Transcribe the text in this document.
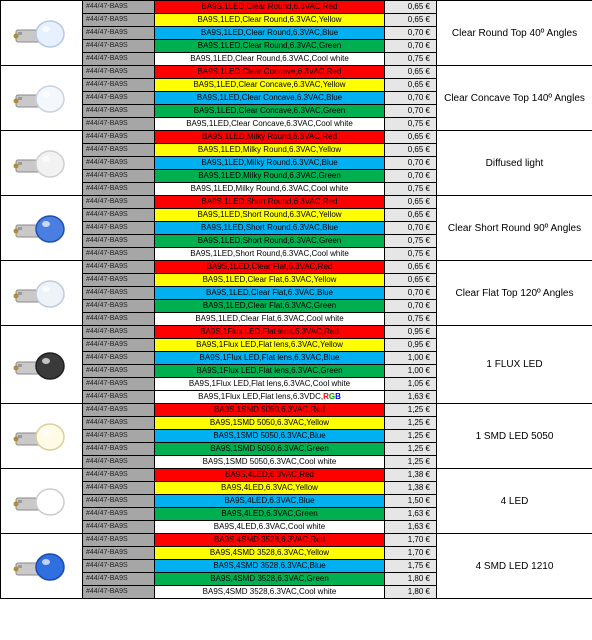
	#44/47-BA9S	BA9S,1LED,Clear Round,6.3VAC,Red	0,65 €	Clear Round Top 40º Angles
	#44/47-BA9S	BA9S,1LED,Clear Round,6.3VAC,Yellow	0,65 €	
	#44/47-BA9S	BA9S,1LED,Clear Round,6.3VAC,Blue	0,70 €	
	#44/47-BA9S	BA9S,1LED,Clear Round,6.3VAC,Green	0,70 €	
	#44/47-BA9S	BA9S,1LED,Clear Round,6.3VAC,Cool white	0,75 €	

	#44/47-BA9S	BA9S,1LED,Clear Concave,6.3VAC,Red	0,65 €	Clear Concave Top 140º Angles
	#44/47-BA9S	BA9S,1LED,Clear Concave,6.3VAC,Yellow	0,65 €	
	#44/47-BA9S	BA9S,1LED,Clear Concave,6.3VAC,Blue	0,70 €	
	#44/47-BA9S	BA9S,1LED,Clear Concave,6.3VAC,Green	0,70 €	
	#44/47-BA9S	BA9S,1LED,Clear Concave,6.3VAC,Cool white	0,75 €	

	#44/47-BA9S	BA9S,1LED,Milky Round,6.3VAC,Red	0,65 €	Diffused light
	#44/47-BA9S	BA9S,1LED,Milky Round,6.3VAC,Yellow	0,65 €	
	#44/47-BA9S	BA9S,1LED,Milky Round,6.3VAC,Blue	0,70 €	
	#44/47-BA9S	BA9S,1LED,Milky Round,6.3VAC,Green	0,70 €	
	#44/47-BA9S	BA9S,1LED,Milky Round,6.3VAC,Cool white	0,75 €	

	#44/47-BA9S	BA9S,1LED,Short Round,6.3VAC,Red	0,65 €	Clear Short Round 90º Angles
	#44/47-BA9S	BA9S,1LED,Short Round,6.3VAC,Yellow	0,65 €	
	#44/47-BA9S	BA9S,1LED,Short Round,6.3VAC,Blue	0,70 €	
	#44/47-BA9S	BA9S,1LED,Short Round,6.3VAC,Green	0,75 €	
	#44/47-BA9S	BA9S,1LED,Short Round,6.3VAC,Cool white	0,75 €	

	#44/47-BA9S	BA9S,1LED,Clear Flat,6.3VAC,Red	0,65 €	Clear Flat Top 120º Angles
	#44/47-BA9S	BA9S,1LED,Clear Flat,6.3VAC,Yellow	0,65 €	
	#44/47-BA9S	BA9S,1LED,Clear Flat,6.3VAC,Blue	0,70 €	
	#44/47-BA9S	BA9S,1LED,Clear Flat,6.3VAC,Green	0,70 €	
	#44/47-BA9S	BA9S,1LED,Clear Flat,6.3VAC,Cool white	0,75 €	

	#44/47-BA9S	BA9S,1Flux LED,Flat lens,6.3VAC,Red	0,95 €	1 FLUX LED
	#44/47-BA9S	BA9S,1Flux LED,Flat lens,6.3VAC,Yellow	0,95 €	
	#44/47-BA9S	BA9S,1Flux LED,Flat lens,6.3VAC,Blue	1,00 €	
	#44/47-BA9S	BA9S,1Flux LED,Flat lens,6.3VAC,Green	1,00 €	
	#44/47-BA9S	BA9S,1Flux LED,Flat lens,6.3VAC,Cool white	1,05 €	
	#44/47-BA9S	BA9S,1Flux LED,Flat lens,6.3VDC,RGB	1,63 €	

	#44/47-BA9S	BA9S,1SMD 5050,6.3VAC,Red	1,25 €	1 SMD LED 5050
	#44/47-BA9S	BA9S,1SMD 5050,6.3VAC,Yellow	1,25 €	
	#44/47-BA9S	BA9S,1SMD 5050,6.3VAC,Blue	1,25 €	
	#44/47-BA9S	BA9S,1SMD 5050,6.3VAC,Green	1,25 €	
	#44/47-BA9S	BA9S,1SMD 5050,6.3VAC,Cool white	1,25 €	

	#44/47-BA9S	BA9S,4LED,6.3VAC,Red	1,38 €	4 LED
	#44/47-BA9S	BA9S,4LED,6.3VAC,Yellow	1,38 €	
	#44/47-BA9S	BA9S,4LED,6.3VAC,Blue	1,50 €	
	#44/47-BA9S	BA9S,4LED,6.3VAC,Green	1,63 €	
	#44/47-BA9S	BA9S,4LED,6.3VAC,Cool white	1,63 €	

	#44/47-BA9S	BA9S,4SMD 3528,6.3VAC,Red	1,70 €	4 SMD LED 1210
	#44/47-BA9S	BA9S,4SMD 3528,6.3VAC,Yellow	1,70 €	
	#44/47-BA9S	BA9S,4SMD 3528,6.3VAC,Blue	1,75 €	
	#44/47-BA9S	BA9S,4SMD 3528,6.3VAC,Green	1,80 €	
	#44/47-BA9S	BA9S,4SMD 3528,6.3VAC,Cool white	1,80 €	
